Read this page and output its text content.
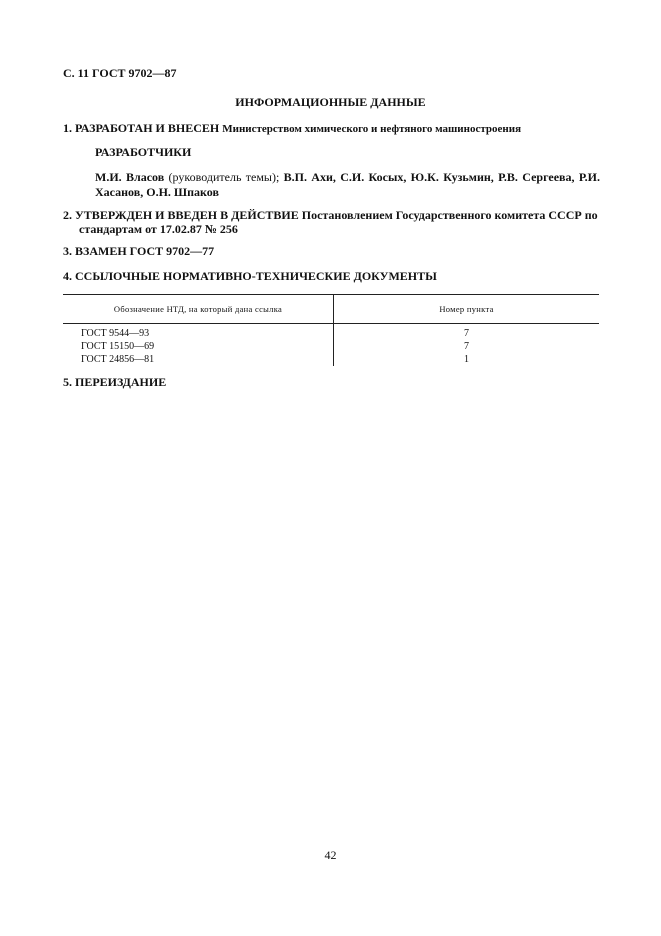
С. 11 ГОСТ 9702—87
ИНФОРМАЦИОННЫЕ ДАННЫЕ
1. РАЗРАБОТАН И ВНЕСЕН Министерством химического и нефтяного машиностроения
РАЗРАБОТЧИКИ
М.И. Власов (руководитель темы); В.П. Ахи, С.И. Косых, Ю.К. Кузьмин, Р.В. Сергеева, Р.И. Хасанов, О.Н. Шпаков
2. УТВЕРЖДЕН И ВВЕДЕН В ДЕЙСТВИЕ Постановлением Государственного комитета СССР по
стандартам от 17.02.87 № 256
3. ВЗАМЕН ГОСТ 9702—77
4. ССЫЛОЧНЫЕ НОРМАТИВНО-ТЕХНИЧЕСКИЕ ДОКУМЕНТЫ
Обозначение НТД, на который дана ссылка	Номер пункта
ГОСТ 9544—93	7
ГОСТ 15150—69	7
ГОСТ 24856—81	1
5. ПЕРЕИЗДАНИЕ
42
